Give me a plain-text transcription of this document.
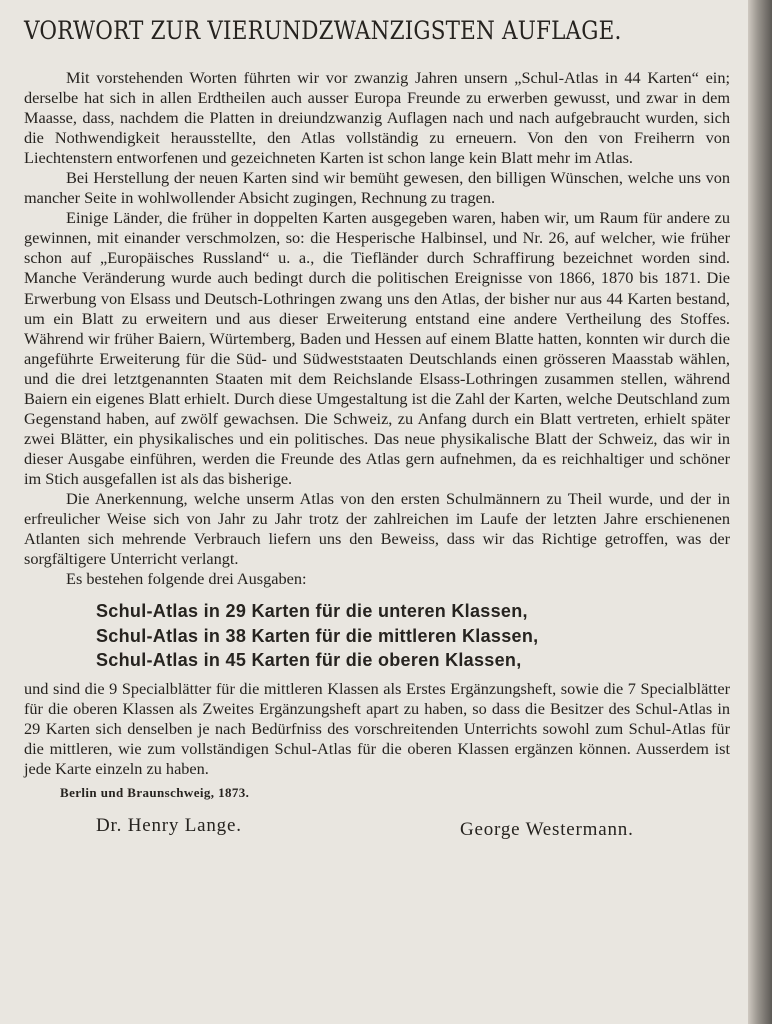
VORWORT ZUR VIERUNDZWANZIGSTEN AUFLAGE.

Mit vorstehenden Worten führten wir vor zwanzig Jahren unsern „Schul-Atlas in 44 Karten“ ein; derselbe hat sich in allen Erdtheilen auch ausser Europa Freunde zu erwerben gewusst, und zwar in dem Maasse, dass, nachdem die Platten in dreiundzwanzig Auflagen nach und nach aufgebraucht wurden, sich die Nothwendigkeit herausstellte, den Atlas vollständig zu erneuern. Von den von Freiherrn von Liechtenstern entworfenen und gezeichneten Karten ist schon lange kein Blatt mehr im Atlas.

Bei Herstellung der neuen Karten sind wir bemüht gewesen, den billigen Wünschen, welche uns von mancher Seite in wohlwollender Absicht zugingen, Rechnung zu tragen.

Einige Länder, die früher in doppelten Karten ausgegeben waren, haben wir, um Raum für andere zu gewinnen, mit einander verschmolzen, so: die Hesperische Halbinsel, und Nr. 26, auf welcher, wie früher schon auf „Europäisches Russland“ u. a., die Tiefländer durch Schraffirung bezeichnet worden sind. Manche Veränderung wurde auch bedingt durch die politischen Ereignisse von 1866, 1870 bis 1871. Die Erwerbung von Elsass und Deutsch-Lothringen zwang uns den Atlas, der bisher nur aus 44 Karten bestand, um ein Blatt zu erweitern und aus dieser Erweiterung entstand eine andere Vertheilung des Stoffes. Während wir früher Baiern, Würtemberg, Baden und Hessen auf einem Blatte hatten, konnten wir durch die angeführte Erweiterung für die Süd- und Südweststaaten Deutschlands einen grösseren Maasstab wählen, und die drei letztgenannten Staaten mit dem Reichslande Elsass-Lothringen zusammen stellen, während Baiern ein eigenes Blatt erhielt. Durch diese Umgestaltung ist die Zahl der Karten, welche Deutschland zum Gegenstand haben, auf zwölf gewachsen. Die Schweiz, zu Anfang durch ein Blatt vertreten, erhielt später zwei Blätter, ein physikalisches und ein politisches. Das neue physikalische Blatt der Schweiz, das wir in dieser Ausgabe einführen, werden die Freunde des Atlas gern aufnehmen, da es reichhaltiger und schöner im Stich ausgefallen ist als das bisherige.

Die Anerkennung, welche unserm Atlas von den ersten Schulmännern zu Theil wurde, und der in erfreulicher Weise sich von Jahr zu Jahr trotz der zahlreichen im Laufe der letzten Jahre erschienenen Atlanten sich mehrende Verbrauch liefern uns den Beweiss, dass wir das Richtige getroffen, was der sorgfältigere Unterricht verlangt.

Es bestehen folgende drei Ausgaben:

Schul-Atlas in 29 Karten für die unteren Klassen,
Schul-Atlas in 38 Karten für die mittleren Klassen,
Schul-Atlas in 45 Karten für die oberen Klassen,

und sind die 9 Specialblätter für die mittleren Klassen als Erstes Ergänzungsheft, sowie die 7 Specialblätter für die oberen Klassen als Zweites Ergänzungsheft apart zu haben, so dass die Besitzer des Schul-Atlas in 29 Karten sich denselben je nach Bedürfniss des vorschreitenden Unterrichts sowohl zum Schul-Atlas für die mittleren, wie zum vollständigen Schul-Atlas für die oberen Klassen ergänzen können. Ausserdem ist jede Karte einzeln zu haben.

Berlin und Braunschweig, 1873.
Dr. Henry Lange.	George Westermann.
